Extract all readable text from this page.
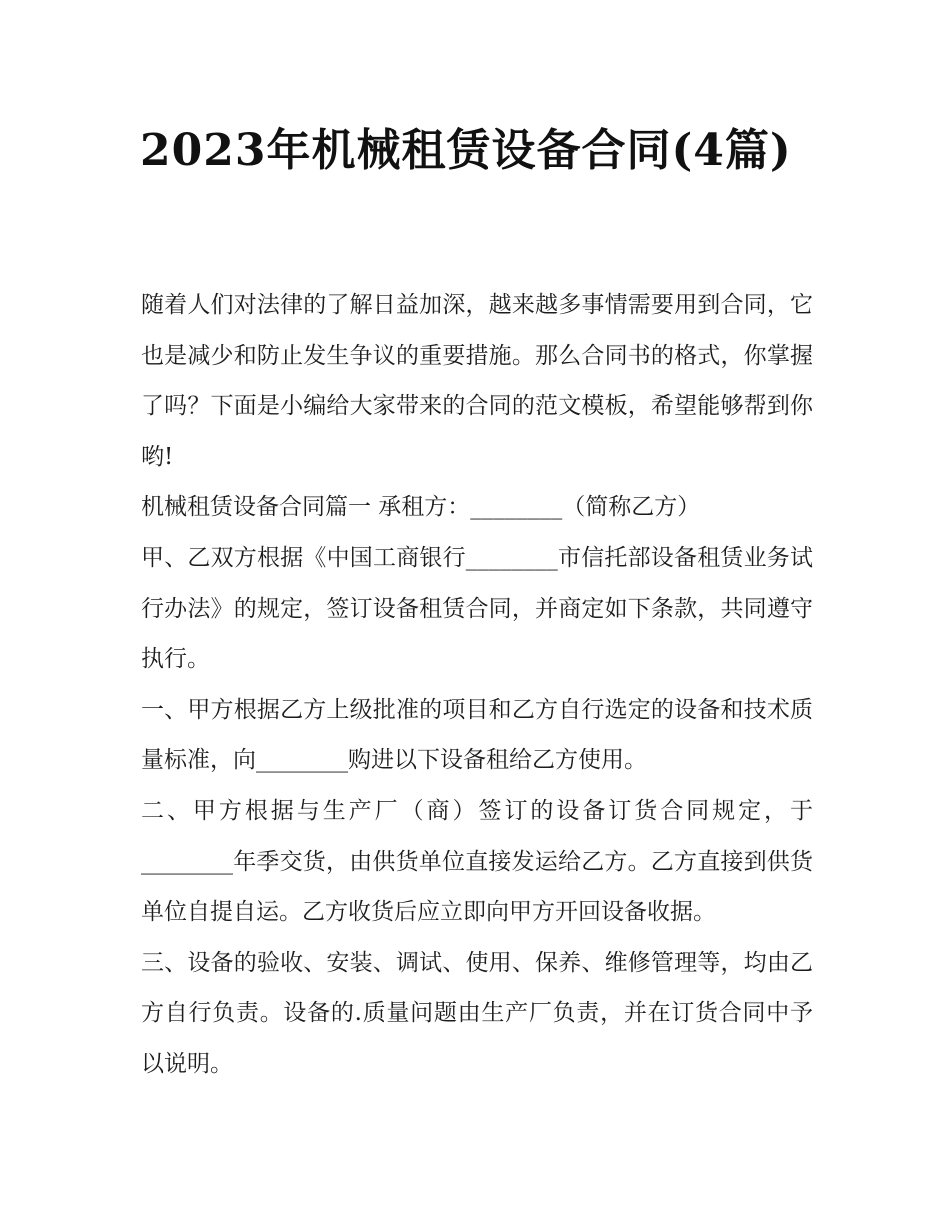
2023年机械租赁设备合同(4篇)

随着人们对法律的了解日益加深，越来越多事情需要用到合同，它也是减少和防止发生争议的重要措施。那么合同书的格式，你掌握了吗？下面是小编给大家带来的合同的范文模板，希望能够帮到你哟!

机械租赁设备合同篇一 承租方：________（简称乙方）

甲、乙双方根据《中国工商银行________市信托部设备租赁业务试行办法》的规定，签订设备租赁合同，并商定如下条款，共同遵守执行。

一、甲方根据乙方上级批准的项目和乙方自行选定的设备和技术质量标准，向________购进以下设备租给乙方使用。

二、甲方根据与生产厂（商）签订的设备订货合同规定，于________年季交货，由供货单位直接发运给乙方。乙方直接到供货单位自提自运。乙方收货后应立即向甲方开回设备收据。

三、设备的验收、安装、调试、使用、保养、维修管理等，均由乙方自行负责。设备的.质量问题由生产厂负责，并在订货合同中予以说明。
